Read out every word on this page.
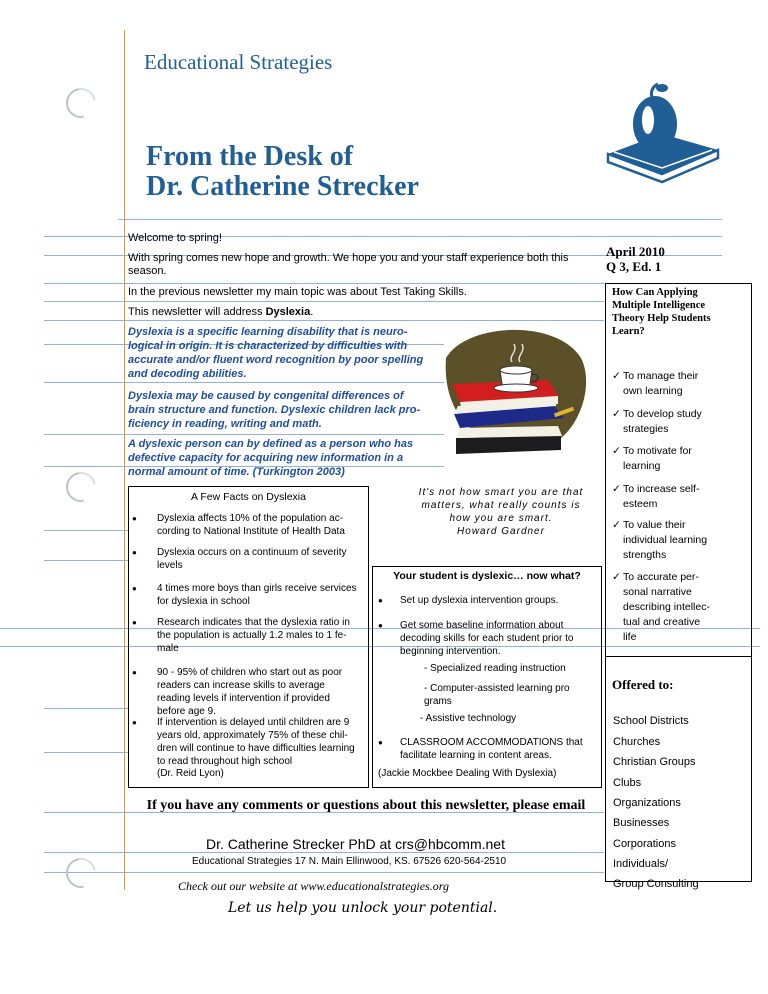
Educational Strategies
From the Desk of
Dr. Catherine Strecker
Welcome to spring!
With spring comes new hope and growth. We hope you and your staff experience both this season.
In the previous newsletter my main topic was about Test Taking Skills.
This newsletter will address Dyslexia.
Dyslexia is a specific learning disability that is neuro-logical in origin. It is characterized by difficulties with accurate and/or fluent word recognition by poor spelling and decoding abilities.
Dyslexia may be caused by congenital differences of brain structure and function. Dyslexic children lack pro-ficiency in reading, writing and math.
A dyslexic person can by defined as a person who has defective capacity for acquiring new information in a normal amount of time. (Turkington 2003)
It's not how smart you are that matters, what really counts is how you are smart.
Howard Gardner
A Few Facts on Dyslexia
●	Dyslexia affects 10% of the population ac-cording to National Institute of Health Data
●	Dyslexia occurs on a continuum of severity levels
●	4 times more boys than girls receive services for dyslexia in school
●	Research indicates that the dyslexia ratio in the population is actually 1.2 males to 1 fe-male
●	90 - 95% of children who start out as poor readers can increase skills to average reading levels if intervention if provided before age 9.
●	If intervention is delayed until children are 9 years old, approximately 75% of these chil-dren will continue to have difficulties learning to read throughout high school
(Dr. Reid Lyon)
Your student is dyslexic… now what?
●	Set up dyslexia intervention groups.
●	Get some baseline information about decoding skills for each student prior to beginning intervention.
- Specialized reading instruction
- Computer-assisted learning pro grams
- Assistive technology
●	CLASSROOM ACCOMMODATIONS that facilitate learning in content areas.
(Jackie Mockbee Dealing With Dyslexia)
April 2010
Q 3, Ed. 1
How Can Applying Multiple Intelligence Theory Help Students Learn?
✓ To manage their own learning
✓ To develop study strategies
✓ To motivate for learning
✓ To increase self-esteem
✓ To value their individual learning strengths
✓ To accurate per-sonal narrative describing intellec-tual and creative life
Offered to:
School Districts
Churches
Christian Groups
Clubs
Organizations
Businesses
Corporations
Individuals/
Group Consulting
If you have any comments or questions about this newsletter, please email
Dr. Catherine Strecker PhD at crs@hbcomm.net
Educational Strategies 17 N. Main Ellinwood, KS. 67526 620-564-2510
Check out our website at www.educationalstrategies.org
Let us help you unlock your potential.
